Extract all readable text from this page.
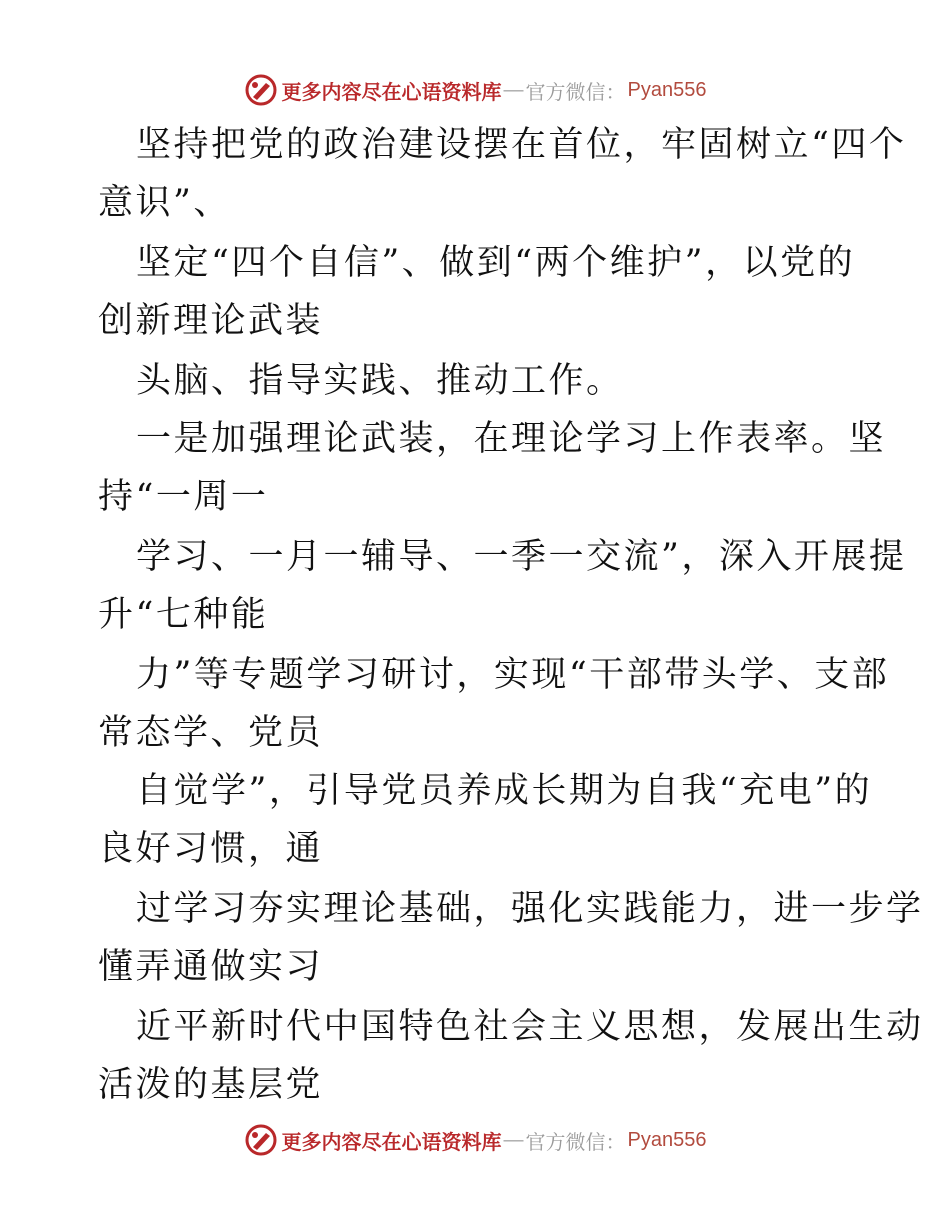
更多内容尽在心语资料库 — 官方微信： Pyan556
坚持把党的政治建设摆在首位，牢固树立“四个
意识”、
坚定“四个自信”、做到“两个维护”，以党的
创新理论武装
头脑、指导实践、推动工作。
一是加强理论武装，在理论学习上作表率。坚
持“一周一
学习、一月一辅导、一季一交流”，深入开展提
升“七种能
力”等专题学习研讨，实现“干部带头学、支部
常态学、党员
自觉学”，引导党员养成长期为自我“充电”的
良好习惯，通
过学习夯实理论基础，强化实践能力，进一步学
懂弄通做实习
近平新时代中国特色社会主义思想，发展出生动
活泼的基层党
更多内容尽在心语资料库 — 官方微信： Pyan556
